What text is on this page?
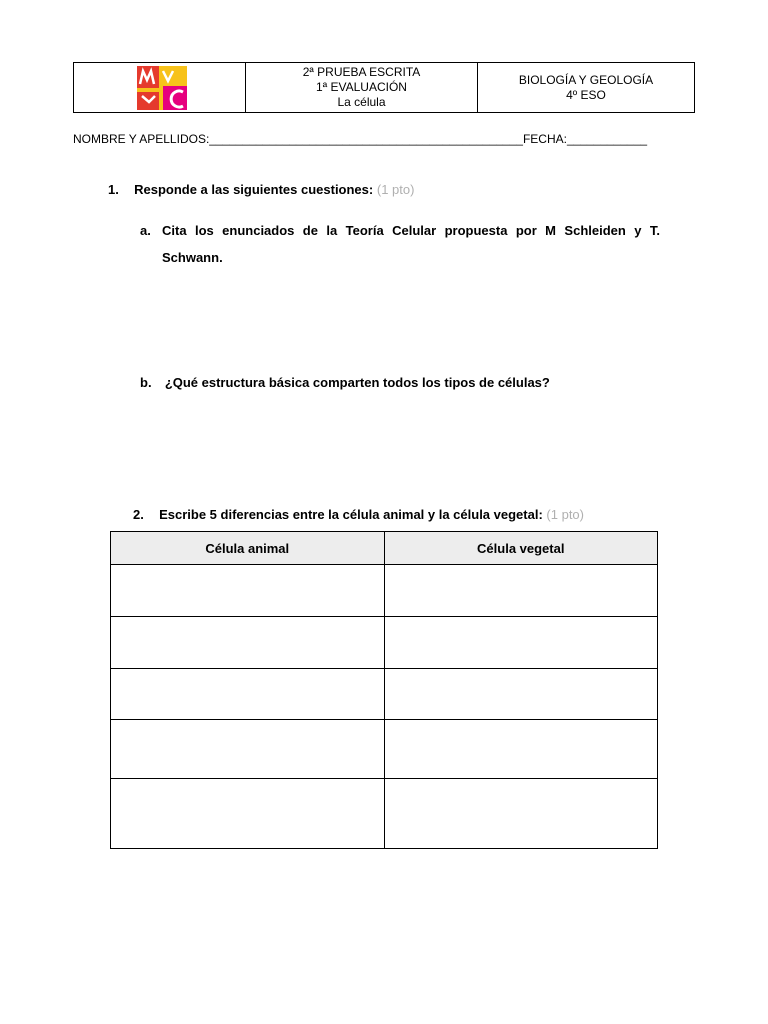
2ª PRUEBA ESCRITA
1ª EVALUACIÓN
La célula
BIOLOGÍA Y GEOLOGÍA
4º ESO
NOMBRE Y APELLIDOS:_______________________________________________FECHA:____________
1. Responde a las siguientes cuestiones: (1 pto)
a. Cita los enunciados de la Teoría Celular propuesta por M Schleiden y T. Schwann.
b. ¿Qué estructura básica comparten todos los tipos de células?
2. Escribe 5 diferencias entre la célula animal y la célula vegetal: (1 pto)
Célula animal	Célula vegetal
